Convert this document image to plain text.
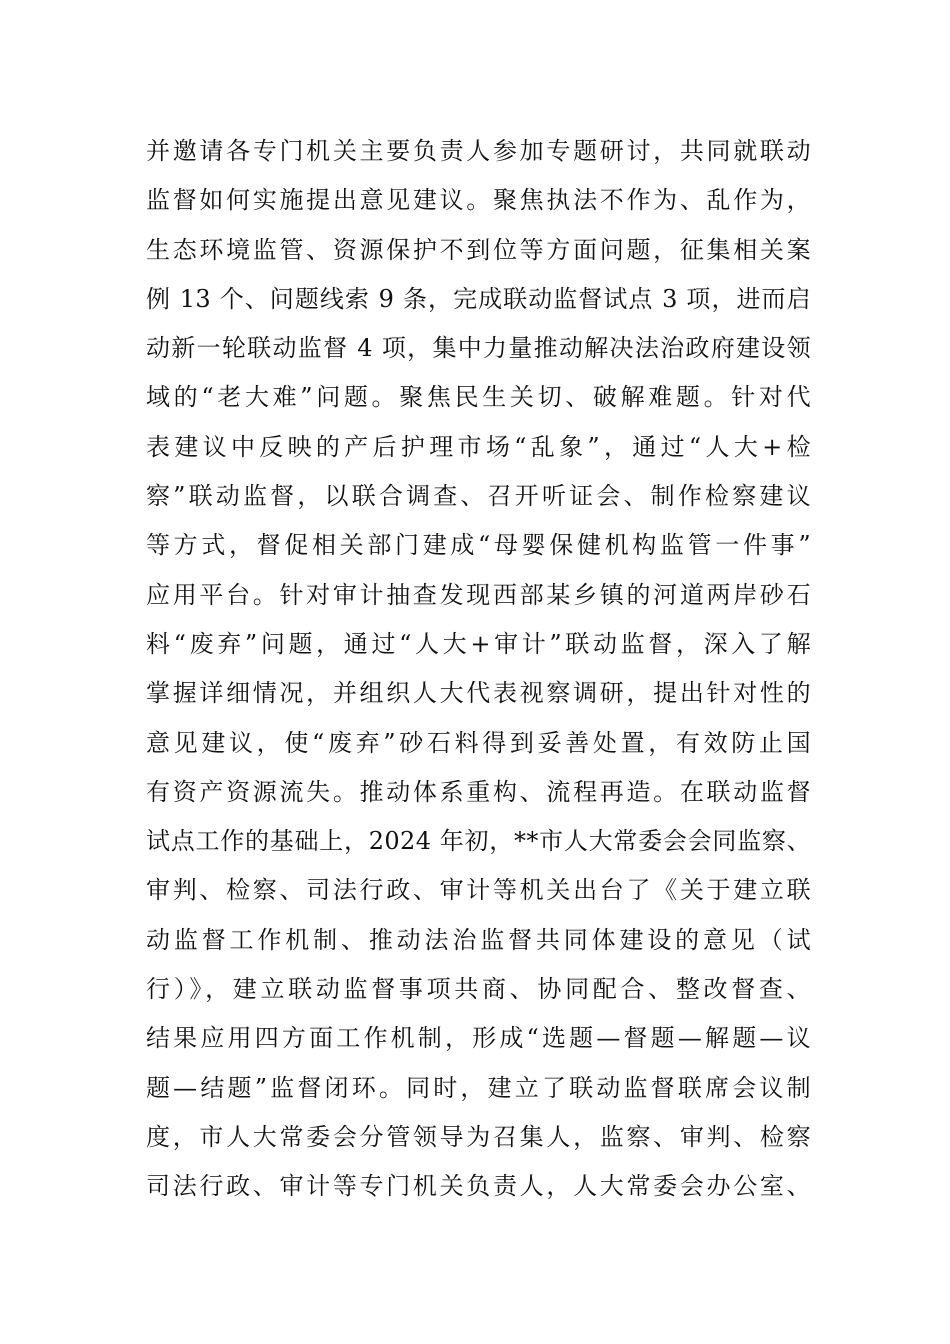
并邀请各专门机关主要负责人参加专题研讨，共同就联动
监督如何实施提出意见建议。聚焦执法不作为、乱作为，
生态环境监管、资源保护不到位等方面问题，征集相关案
例 13 个、问题线索 9 条，完成联动监督试点 3 项，进而启
动新一轮联动监督 4 项，集中力量推动解决法治政府建设领
域的“老大难”问题。聚焦民生关切、破解难题。针对代
表建议中反映的产后护理市场“乱象”，通过“人大+检
察”联动监督，以联合调查、召开听证会、制作检察建议
等方式，督促相关部门建成“母婴保健机构监管一件事”
应用平台。针对审计抽查发现西部某乡镇的河道两岸砂石
料“废弃”问题，通过“人大+审计”联动监督，深入了解
掌握详细情况，并组织人大代表视察调研，提出针对性的
意见建议，使“废弃”砂石料得到妥善处置，有效防止国
有资产资源流失。推动体系重构、流程再造。在联动监督
试点工作的基础上，2024 年初，**市人大常委会会同监察、
审判、检察、司法行政、审计等机关出台了《关于建立联
动监督工作机制、推动法治监督共同体建设的意见（试
行）》，建立联动监督事项共商、协同配合、整改督查、
结果应用四方面工作机制，形成“选题—督题—解题—议
题—结题”监督闭环。同时，建立了联动监督联席会议制
度，市人大常委会分管领导为召集人，监察、审判、检察
司法行政、审计等专门机关负责人，人大常委会办公室、
